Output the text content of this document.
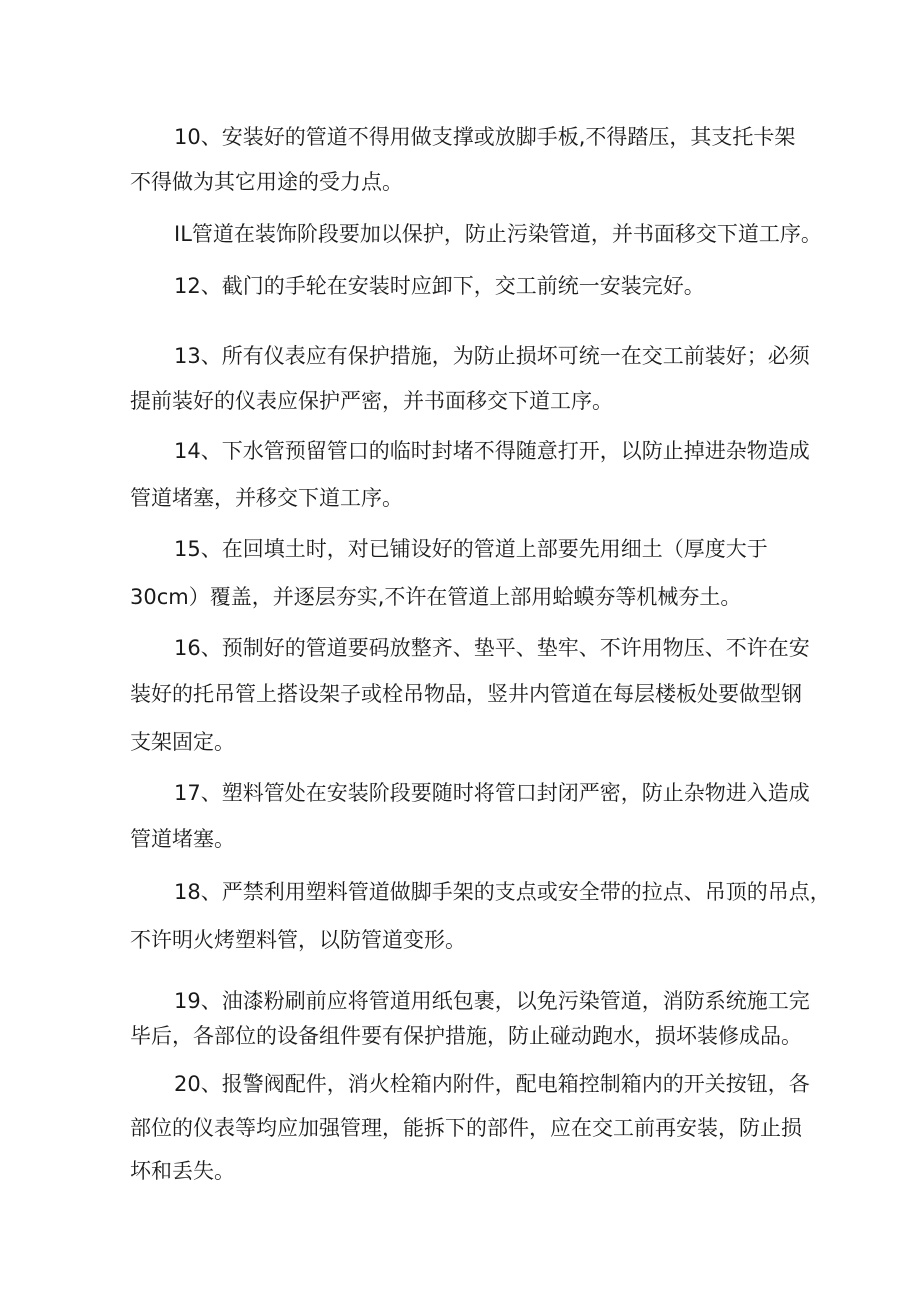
10、安装好的管道不得用做支撑或放脚手板,不得踏压，其支托卡架
不得做为其它用途的受力点。
IL管道在装饰阶段要加以保护，防止污染管道，并书面移交下道工序。
12、截门的手轮在安装时应卸下，交工前统一安装完好。
13、所有仪表应有保护措施，为防止损坏可统一在交工前装好；必须
提前装好的仪表应保护严密，并书面移交下道工序。
14、下水管预留管口的临时封堵不得随意打开，以防止掉进杂物造成
管道堵塞，并移交下道工序。
15、在回填土时，对已铺设好的管道上部要先用细土（厚度大于
30cm）覆盖，并逐层夯实,不许在管道上部用蛤蟆夯等机械夯土。
16、预制好的管道要码放整齐、垫平、垫牢、不许用物压、不许在安
装好的托吊管上搭设架子或栓吊物品，竖井内管道在每层楼板处要做型钢
支架固定。
17、塑料管处在安装阶段要随时将管口封闭严密，防止杂物进入造成
管道堵塞。
18、严禁利用塑料管道做脚手架的支点或安全带的拉点、吊顶的吊点，
不许明火烤塑料管，以防管道变形。
19、油漆粉刷前应将管道用纸包裹，以免污染管道，消防系统施工完
毕后，各部位的设备组件要有保护措施，防止碰动跑水，损坏装修成品。
20、报警阀配件，消火栓箱内附件，配电箱控制箱内的开关按钮，各
部位的仪表等均应加强管理，能拆下的部件，应在交工前再安装，防止损
坏和丢失。
